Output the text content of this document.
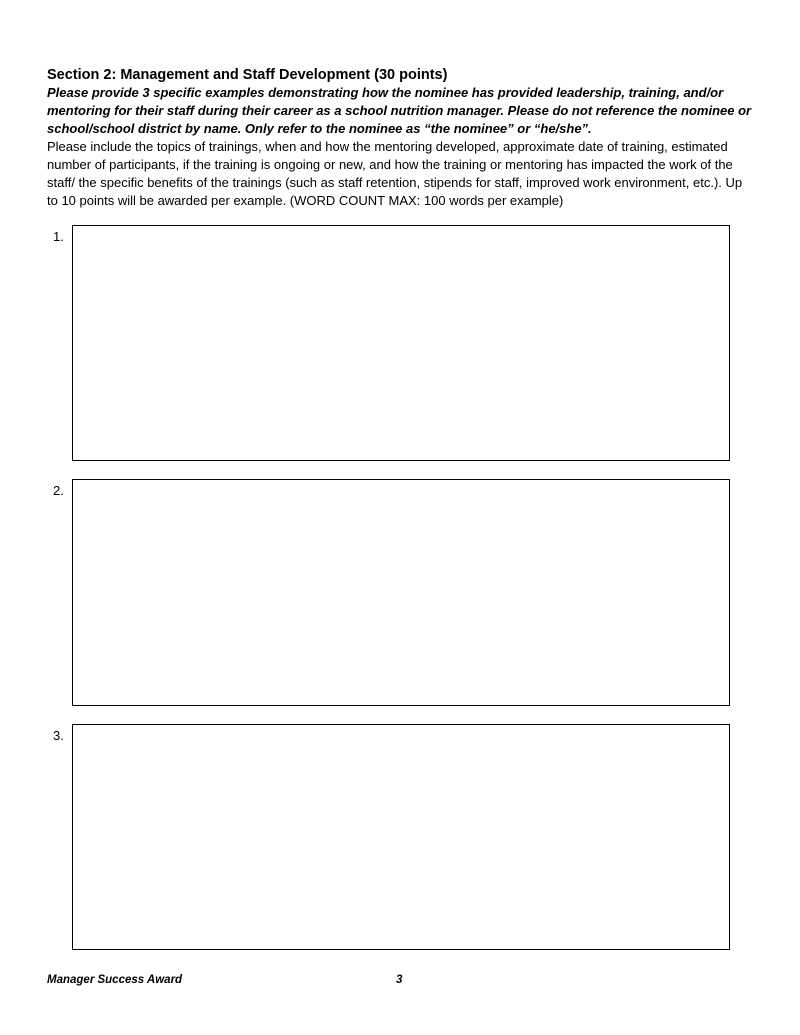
Section 2: Management and Staff Development (30 points)

Please provide 3 specific examples demonstrating how the nominee has provided leadership, training, and/or mentoring for their staff during their career as a school nutrition manager. Please do not reference the nominee or school/school district by name. Only refer to the nominee as “the nominee” or “he/she”.

Please include the topics of trainings, when and how the mentoring developed, approximate date of training, estimated number of participants, if the training is ongoing or new, and how the training or mentoring has impacted the work of the staff/ the specific benefits of the trainings (such as staff retention, stipends for staff, improved work environment, etc.). Up to 10 points will be awarded per example. (WORD COUNT MAX: 100 words per example)

1.
2.
3.
Manager Success Award	3
